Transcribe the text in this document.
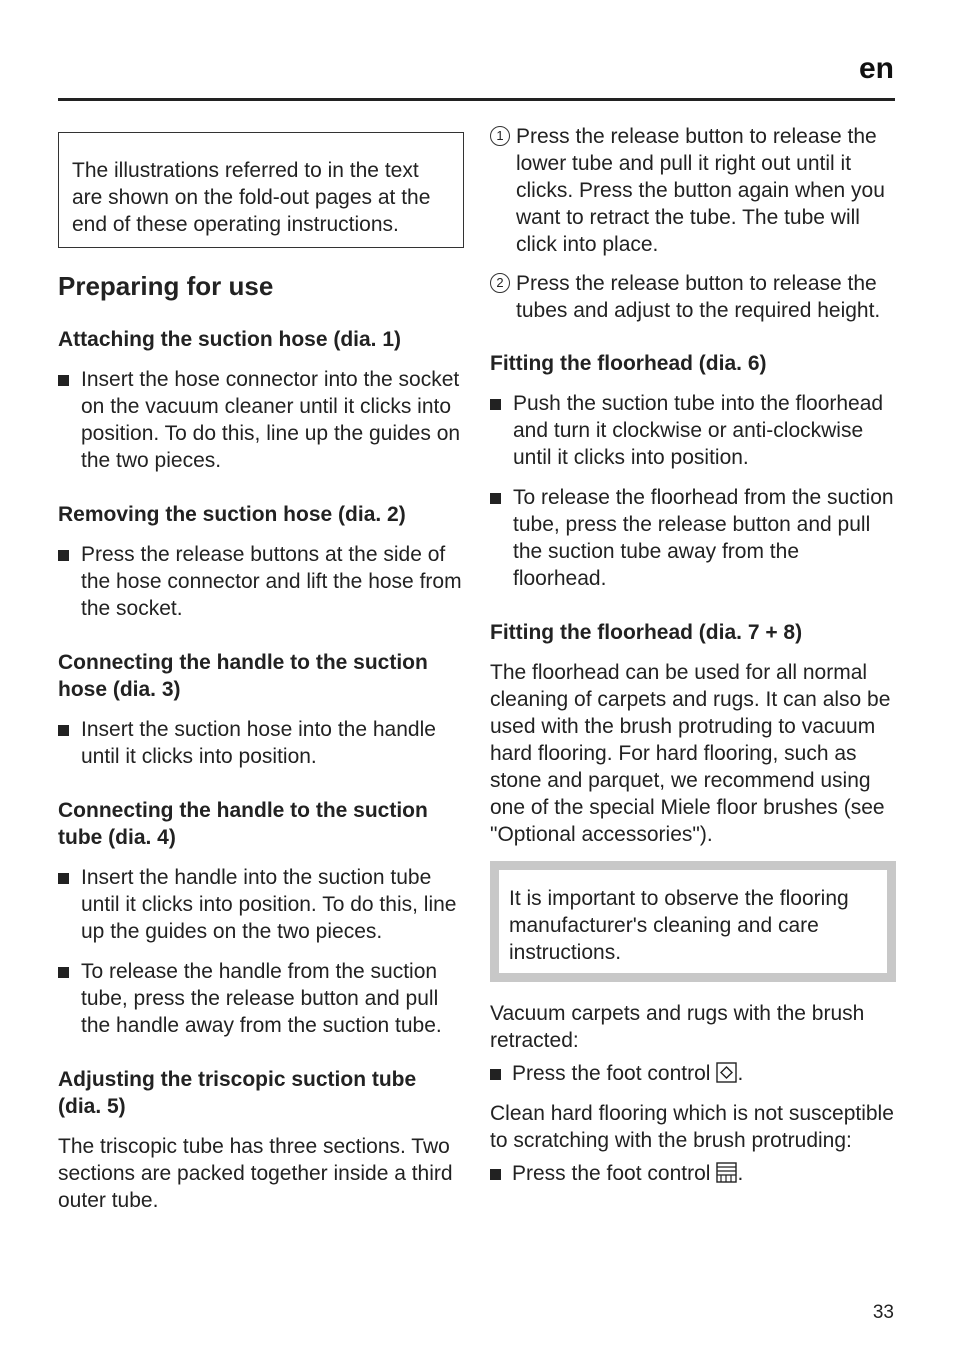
en
The illustrations referred to in the text are shown on the fold-out pages at the end of these operating instructions.
Preparing for use
Attaching the suction hose (dia. 1)
Insert the hose connector into the socket on the vacuum cleaner until it clicks into position. To do this, line up the guides on the two pieces.
Removing the suction hose (dia. 2)
Press the release buttons at the side of the hose connector and lift the hose from the socket.
Connecting the handle to the suction hose (dia. 3)
Insert the suction hose into the handle until it clicks into position.
Connecting the handle to the suction tube (dia. 4)
Insert the handle into the suction tube until it clicks into position. To do this, line up the guides on the two pieces.
To release the handle from the suction tube, press the release button and pull the handle away from the suction tube.
Adjusting the triscopic suction tube (dia. 5)
The triscopic tube has three sections. Two sections are packed together inside a third outer tube.
1 Press the release button to release the lower tube and pull it right out until it clicks. Press the button again when you want to retract the tube. The tube will click into place.
2 Press the release button to release the tubes and adjust to the required height.
Fitting the floorhead (dia. 6)
Push the suction tube into the floorhead and turn it clockwise or anti-clockwise until it clicks into position.
To release the floorhead from the suction tube, press the release button and pull the suction tube away from the floorhead.
Fitting the floorhead (dia. 7 + 8)
The floorhead can be used for all normal cleaning of carpets and rugs. It can also be used with the brush protruding to vacuum hard flooring. For hard flooring, such as stone and parquet, we recommend using one of the special Miele floor brushes (see "Optional accessories").
It is important to observe the flooring manufacturer's cleaning and care instructions.
Vacuum carpets and rugs with the brush retracted:
Press the foot control .
Clean hard flooring which is not susceptible to scratching with the brush protruding:
Press the foot control .
33
